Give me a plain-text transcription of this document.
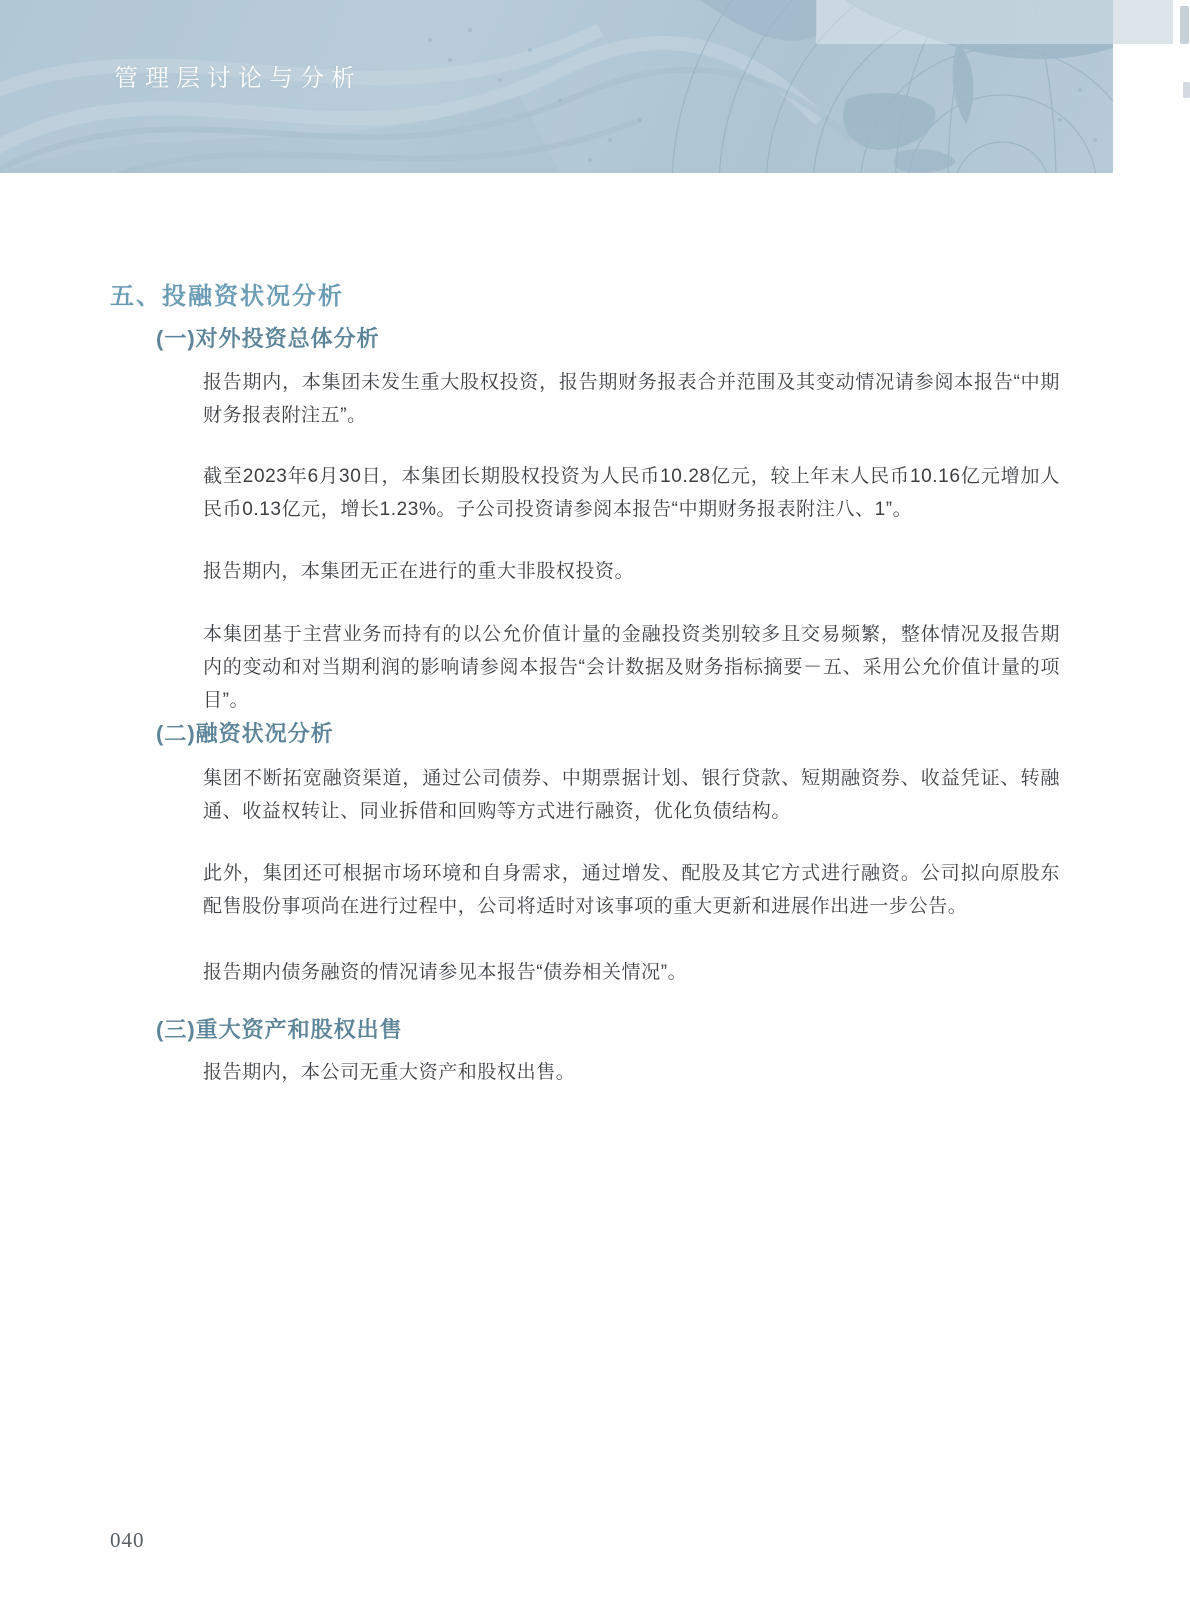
管理层讨论与分析
五、投融资状况分析
(一)对外投资总体分析
报告期内，本集团未发生重大股权投资，报告期财务报表合并范围及其变动情况请参阅本报告“中期财务报表附注五”。
截至2023年6月30日，本集团长期股权投资为人民币10.28亿元，较上年末人民币10.16亿元增加人民币0.13亿元，增长1.23%。子公司投资请参阅本报告“中期财务报表附注八、1”。
报告期内，本集团无正在进行的重大非股权投资。
本集团基于主营业务而持有的以公允价值计量的金融投资类别较多且交易频繁，整体情况及报告期内的变动和对当期利润的影响请参阅本报告“会计数据及财务指标摘要－五、采用公允价值计量的项目”。
(二)融资状况分析
集团不断拓宽融资渠道，通过公司债券、中期票据计划、银行贷款、短期融资券、收益凭证、转融通、收益权转让、同业拆借和回购等方式进行融资，优化负债结构。
此外，集团还可根据市场环境和自身需求，通过增发、配股及其它方式进行融资。公司拟向原股东配售股份事项尚在进行过程中，公司将适时对该事项的重大更新和进展作出进一步公告。
报告期内债务融资的情况请参见本报告“债券相关情况”。
(三)重大资产和股权出售
报告期内，本公司无重大资产和股权出售。
040
